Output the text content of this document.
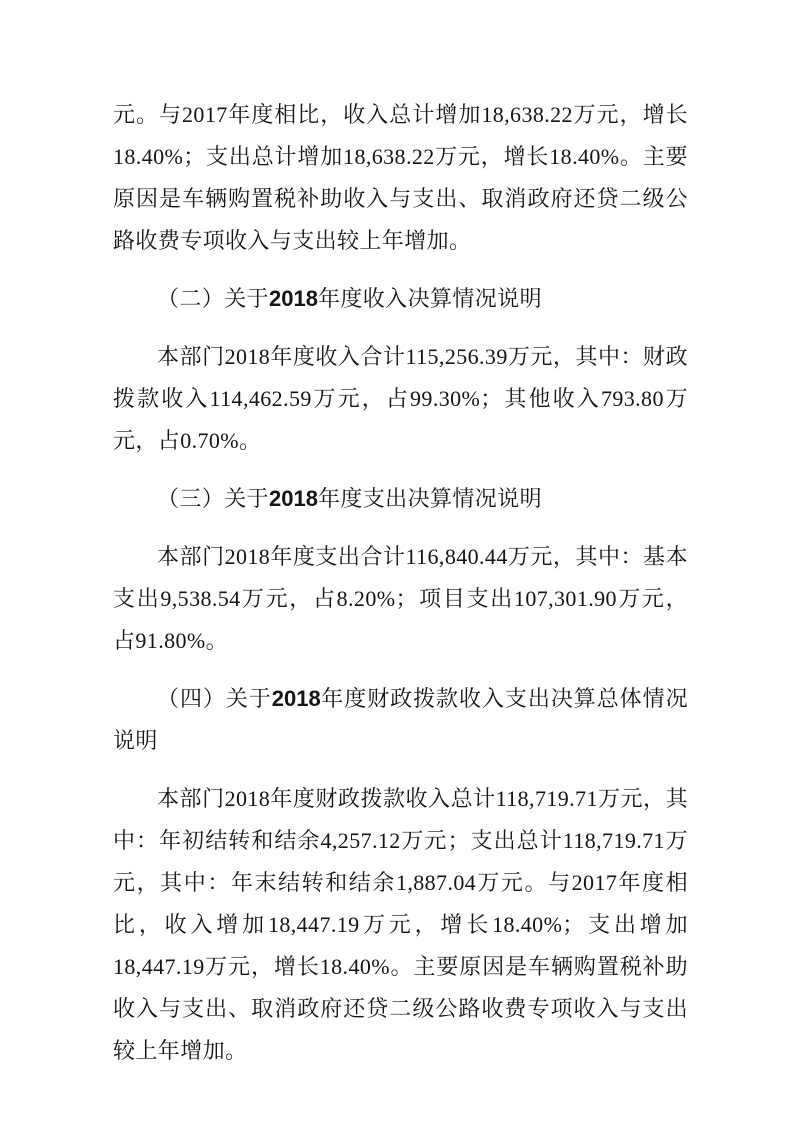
元。与2017年度相比，收入总计增加18,638.22万元，增长18.40%；支出总计增加18,638.22万元，增长18.40%。主要原因是车辆购置税补助收入与支出、取消政府还贷二级公路收费专项收入与支出较上年增加。

（二）关于2018年度收入决算情况说明

本部门2018年度收入合计115,256.39万元，其中：财政拨款收入114,462.59万元，占99.30%；其他收入793.80万元，占0.70%。

（三）关于2018年度支出决算情况说明

本部门2018年度支出合计116,840.44万元，其中：基本支出9,538.54万元，占8.20%；项目支出107,301.90万元，占91.80%。

（四）关于2018年度财政拨款收入支出决算总体情况说明

本部门2018年度财政拨款收入总计118,719.71万元，其中：年初结转和结余4,257.12万元；支出总计118,719.71万元，其中：年末结转和结余1,887.04万元。与2017年度相比，收入增加18,447.19万元，增长18.40%；支出增加18,447.19万元，增长18.40%。主要原因是车辆购置税补助收入与支出、取消政府还贷二级公路收费专项收入与支出较上年增加。
